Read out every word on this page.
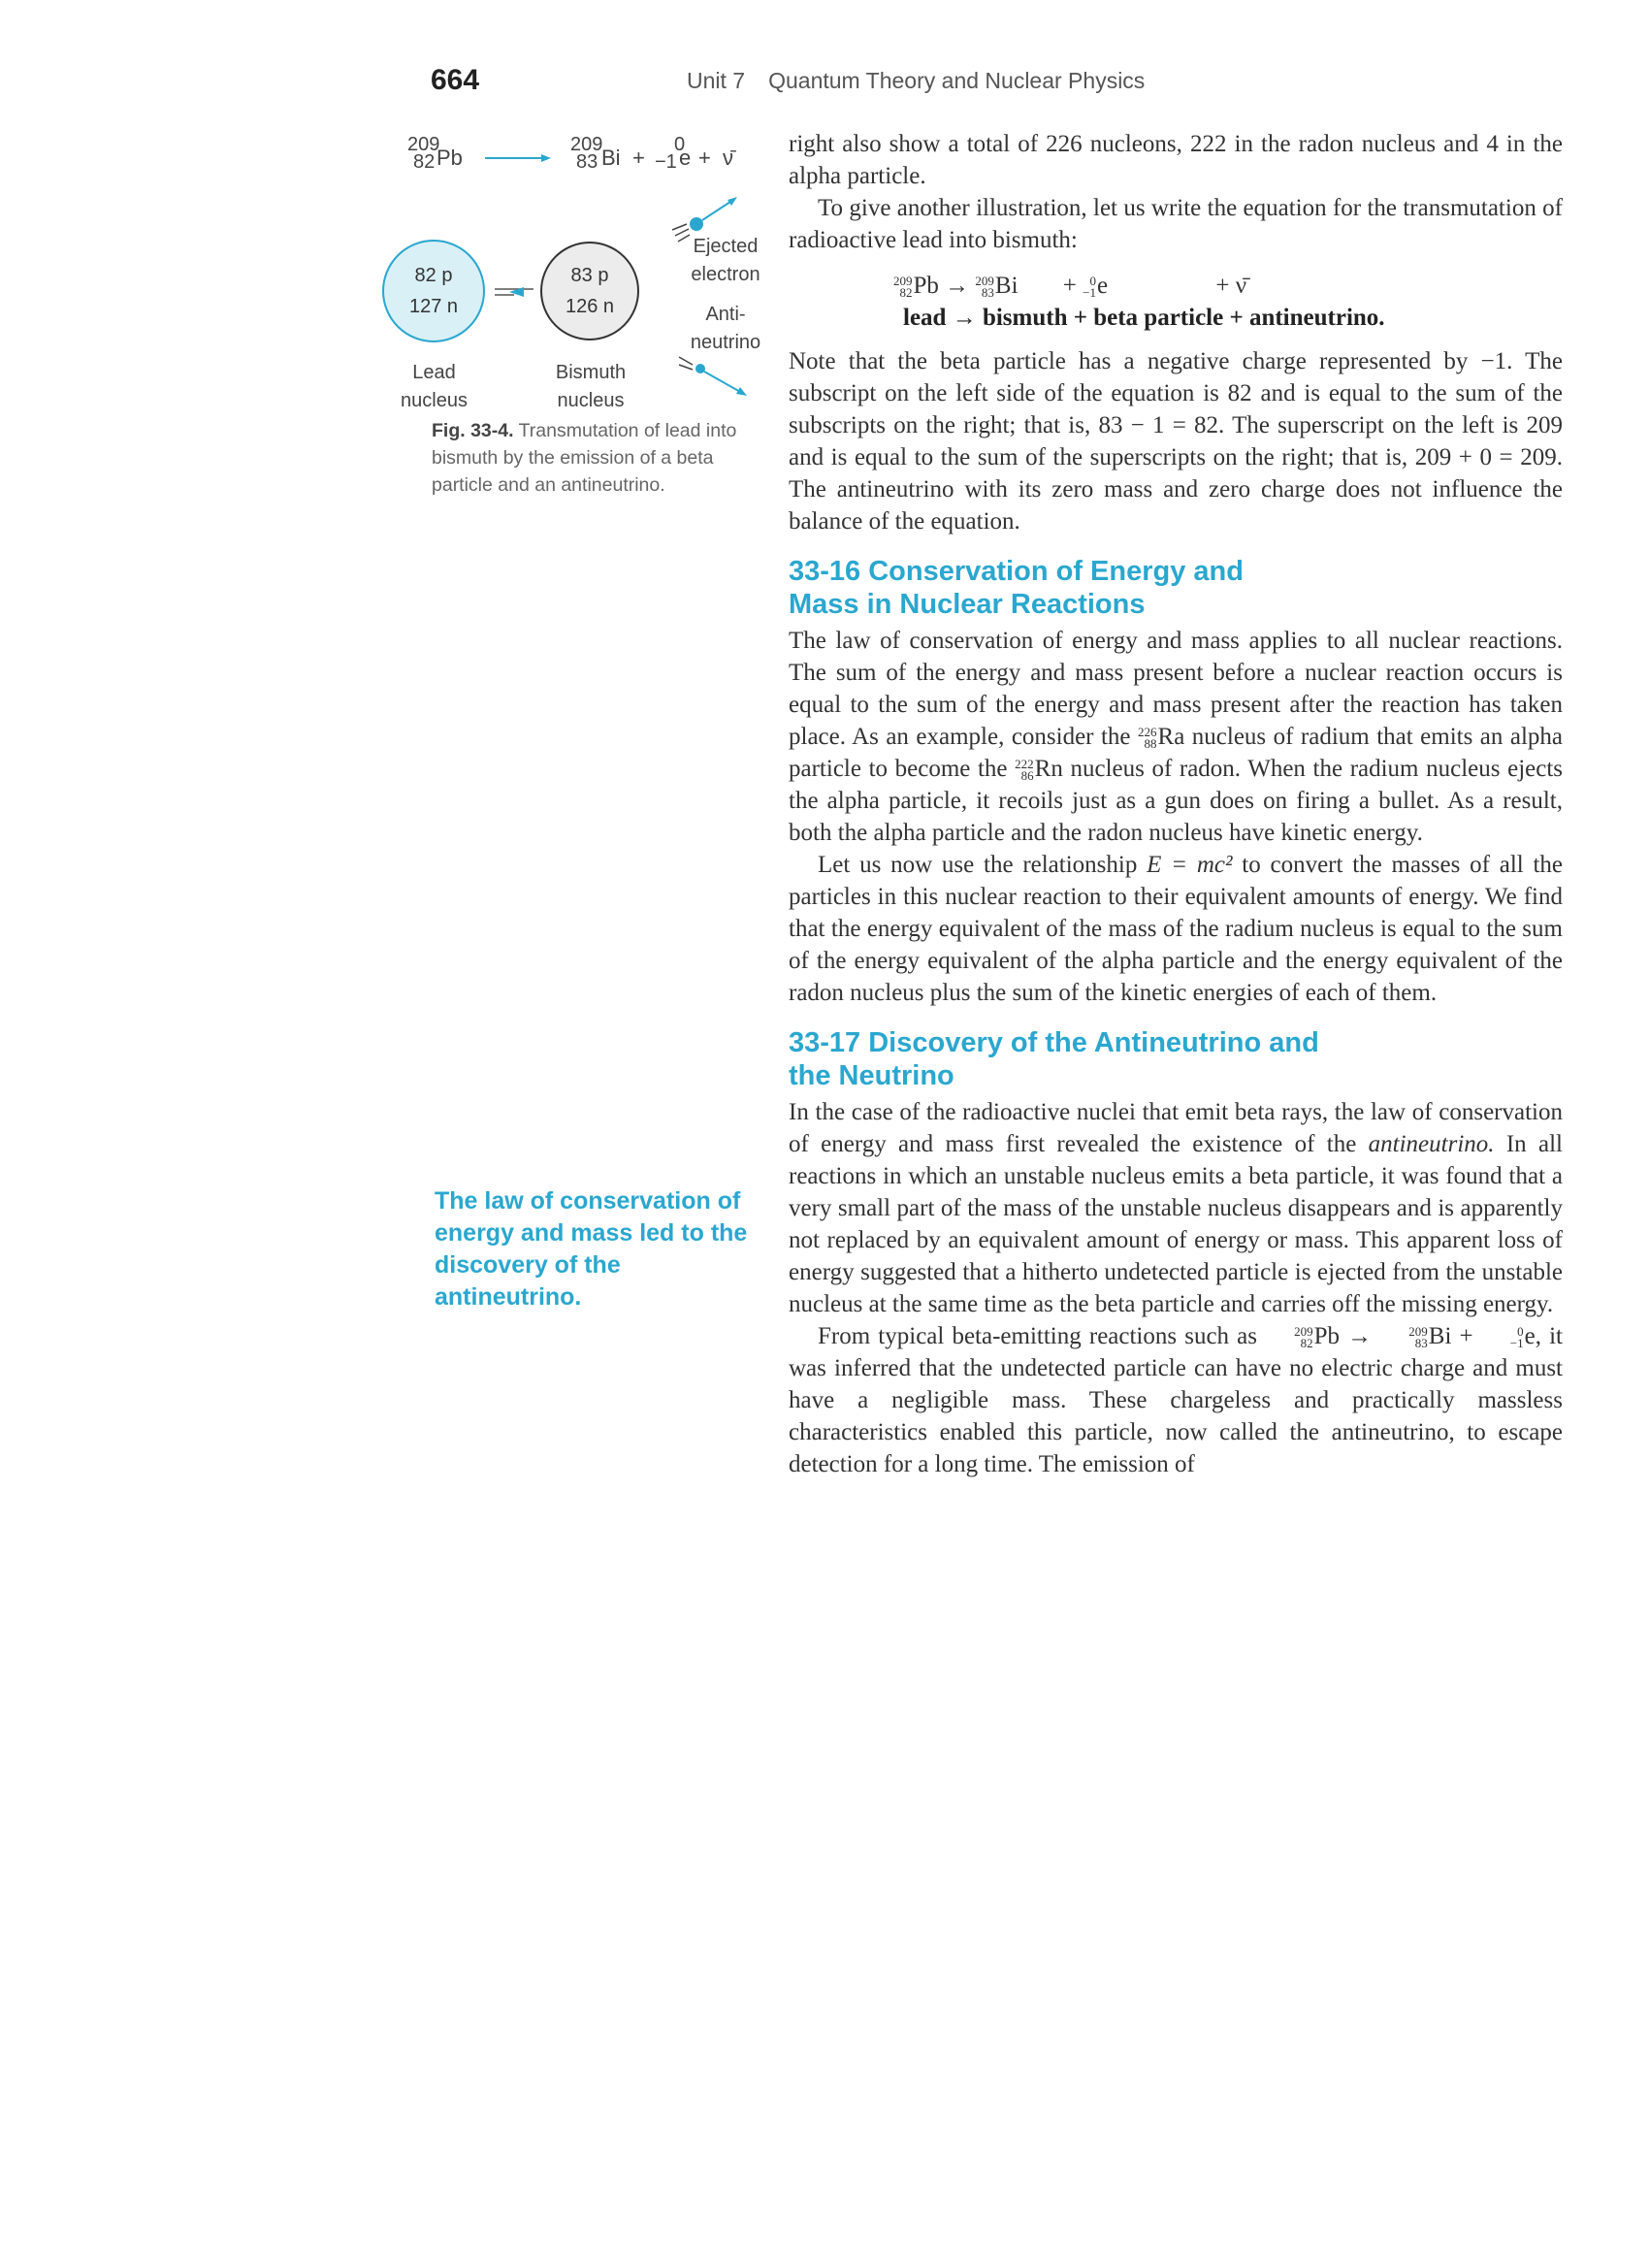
664	Unit 7 Quantum Theory and Nuclear Physics
209
82 Pb
209
83 Bi +
0
−1 e + ν̄
82 p
127 n
83 p
126 n
Ejected
electron
Anti-
neutrino
Lead
nucleus
Bismuth
nucleus
Fig. 33-4. Transmutation of lead into bismuth by the emission of a beta particle and an antineutrino.
The law of conservation of energy and mass led to the discovery of the antineutrino.

right also show a total of 226 nucleons, 222 in the radon nucleus and 4 in the alpha particle.

To give another illustration, let us write the equation for the transmutation of radioactive lead into bismuth:

209
82 Pb → 209
83 Bi +	0
−1 e	+ ν̄
lead → bismuth + beta particle + antineutrino.

Note that the beta particle has a negative charge represented by −1. The subscript on the left side of the equation is 82 and is equal to the sum of the subscripts on the right; that is, 83 − 1 = 82. The superscript on the left is 209 and is equal to the sum of the superscripts on the right; that is, 209 + 0 = 209. The antineutrino with its zero mass and zero charge does not influence the balance of the equation.

33-16 Conservation of Energy and

Mass in Nuclear Reactions

The law of conservation of energy and mass applies to all nuclear reactions. The sum of the energy and mass present before a nuclear reaction occurs is equal to the sum of the energy and mass present after the reaction has taken place. As an example, consider the 226
88 Ra nucleus of radium that emits an alpha particle to become the 222
86 Rn nucleus of radon. When the radium nucleus ejects the alpha particle, it recoils just as a gun does on firing a bullet. As a result, both the alpha particle and the radon nucleus have kinetic energy.

Let us now use the relationship E = mc² to convert the masses of all the particles in this nuclear reaction to their equivalent amounts of energy. We find that the energy equivalent of the mass of the radium nucleus is equal to the sum of the energy equivalent of the alpha particle and the energy equivalent of the radon nucleus plus the sum of the kinetic energies of each of them.

33-17 Discovery of the Antineutrino and

the Neutrino

In the case of the radioactive nuclei that emit beta rays, the law of conservation of energy and mass first revealed the existence of the antineutrino. In all reactions in which an unstable nucleus emits a beta particle, it was found that a very small part of the mass of the unstable nucleus disappears and is apparently not replaced by an equivalent amount of energy or mass. This apparent loss of energy suggested that a hitherto undetected particle is ejected from the unstable nucleus at the same time as the beta particle and carries off the missing energy.

From typical beta-emitting reactions such as	209
82 Pb →	209
83 Bi +	0
−1 e, it was inferred that the undetected particle can have no electric charge and must have a negligible mass. These chargeless and practically massless characteristics enabled this particle, now called the antineutrino, to escape detection for a long time. The emission of
